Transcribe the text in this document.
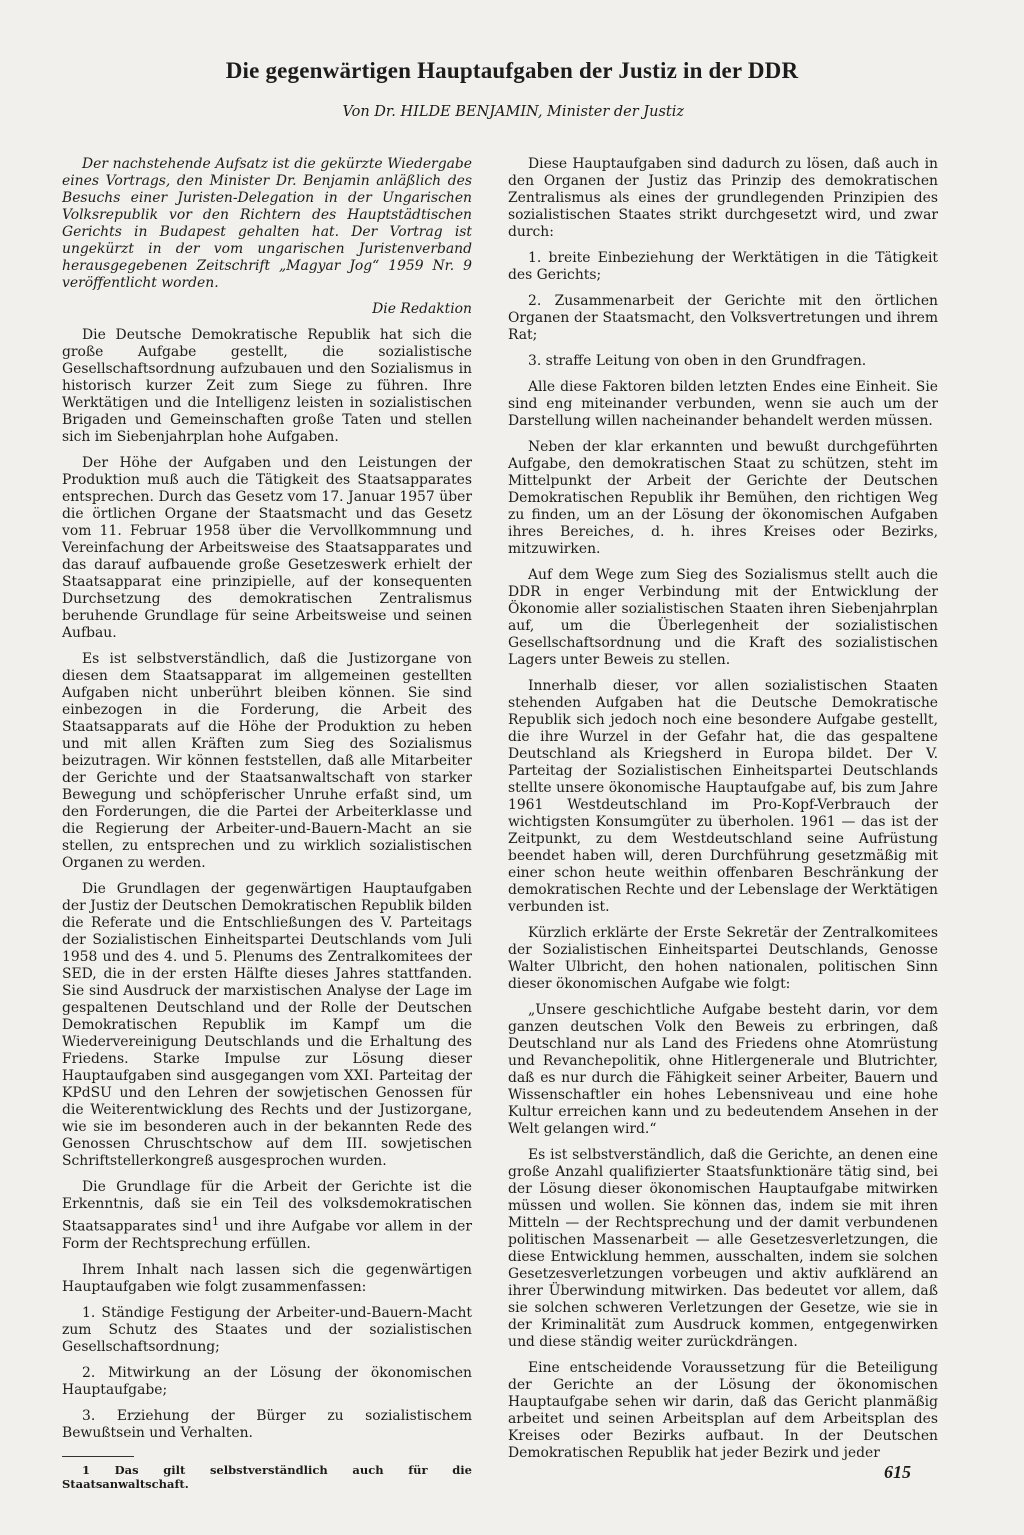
Die gegenwärtigen Hauptaufgaben der Justiz in der DDR
Von Dr. HILDE BENJAMIN, Minister der Justiz

Der nachstehende Aufsatz ist die gekürzte Wiedergabe eines Vortrags, den Minister Dr. Benjamin anläßlich des Besuchs einer Juristen-Delegation in der Ungarischen Volksrepublik vor den Richtern des Hauptstädtischen Gerichts in Budapest gehalten hat. Der Vortrag ist ungekürzt in der vom ungarischen Juristenverband herausgegebenen Zeitschrift „Magyar Jog“ 1959 Nr. 9 veröffentlicht worden.

Die Redaktion

Die Deutsche Demokratische Republik hat sich die große Aufgabe gestellt, die sozialistische Gesellschaftsordnung aufzubauen und den Sozialismus in historisch kurzer Zeit zum Siege zu führen. Ihre Werktätigen und die Intelligenz leisten in sozialistischen Brigaden und Gemeinschaften große Taten und stellen sich im Siebenjahrplan hohe Aufgaben.

Der Höhe der Aufgaben und den Leistungen der Produktion muß auch die Tätigkeit des Staatsapparates entsprechen. Durch das Gesetz vom 17. Januar 1957 über die örtlichen Organe der Staatsmacht und das Gesetz vom 11. Februar 1958 über die Vervollkommnung und Vereinfachung der Arbeitsweise des Staatsapparates und das darauf aufbauende große Gesetzeswerk erhielt der Staatsapparat eine prinzipielle, auf der konsequenten Durchsetzung des demokratischen Zentralismus beruhende Grundlage für seine Arbeitsweise und seinen Aufbau.

Es ist selbstverständlich, daß die Justizorgane von diesen dem Staatsapparat im allgemeinen gestellten Aufgaben nicht unberührt bleiben können. Sie sind einbezogen in die Forderung, die Arbeit des Staatsapparats auf die Höhe der Produktion zu heben und mit allen Kräften zum Sieg des Sozialismus beizutragen. Wir können feststellen, daß alle Mitarbeiter der Gerichte und der Staatsanwaltschaft von starker Bewegung und schöpferischer Unruhe erfaßt sind, um den Forderungen, die die Partei der Arbeiterklasse und die Regierung der Arbeiter-und-Bauern-Macht an sie stellen, zu entsprechen und zu wirklich sozialistischen Organen zu werden.

Die Grundlagen der gegenwärtigen Hauptaufgaben der Justiz der Deutschen Demokratischen Republik bilden die Referate und die Entschließungen des V. Parteitags der Sozialistischen Einheitspartei Deutschlands vom Juli 1958 und des 4. und 5. Plenums des Zentralkomitees der SED, die in der ersten Hälfte dieses Jahres stattfanden. Sie sind Ausdruck der marxistischen Analyse der Lage im gespaltenen Deutschland und der Rolle der Deutschen Demokratischen Republik im Kampf um die Wiedervereinigung Deutschlands und die Erhaltung des Friedens. Starke Impulse zur Lösung dieser Hauptaufgaben sind ausgegangen vom XXI. Parteitag der KPdSU und den Lehren der sowjetischen Genossen für die Weiterentwicklung des Rechts und der Justizorgane, wie sie im besonderen auch in der bekannten Rede des Genossen Chruschtschow auf dem III. sowjetischen Schriftstellerkongreß ausgesprochen wurden.

Die Grundlage für die Arbeit der Gerichte ist die Erkenntnis, daß sie ein Teil des volksdemokratischen Staatsapparates sind$^1$ und ihre Aufgabe vor allem in der Form der Rechtsprechung erfüllen.

Ihrem Inhalt nach lassen sich die gegenwärtigen Hauptaufgaben wie folgt zusammenfassen:

1. Ständige Festigung der Arbeiter-und-Bauern-Macht zum Schutz des Staates und der sozialistischen Gesellschaftsordnung;

2. Mitwirkung an der Lösung der ökonomischen Hauptaufgabe;

3. Erziehung der Bürger zu sozialistischem Bewußtsein und Verhalten.

1 Das gilt selbstverständlich auch für die Staatsanwaltschaft.

Diese Hauptaufgaben sind dadurch zu lösen, daß auch in den Organen der Justiz das Prinzip des demokratischen Zentralismus als eines der grundlegenden Prinzipien des sozialistischen Staates strikt durchgesetzt wird, und zwar durch:

1. breite Einbeziehung der Werktätigen in die Tätigkeit des Gerichts;

2. Zusammenarbeit der Gerichte mit den örtlichen Organen der Staatsmacht, den Volksvertretungen und ihrem Rat;

3. straffe Leitung von oben in den Grundfragen.

Alle diese Faktoren bilden letzten Endes eine Einheit. Sie sind eng miteinander verbunden, wenn sie auch um der Darstellung willen nacheinander behandelt werden müssen.

Neben der klar erkannten und bewußt durchgeführten Aufgabe, den demokratischen Staat zu schützen, steht im Mittelpunkt der Arbeit der Gerichte der Deutschen Demokratischen Republik ihr Bemühen, den richtigen Weg zu finden, um an der Lösung der ökonomischen Aufgaben ihres Bereiches, d. h. ihres Kreises oder Bezirks, mitzuwirken.

Auf dem Wege zum Sieg des Sozialismus stellt auch die DDR in enger Verbindung mit der Entwicklung der Ökonomie aller sozialistischen Staaten ihren Siebenjahrplan auf, um die Überlegenheit der sozialistischen Gesellschaftsordnung und die Kraft des sozialistischen Lagers unter Beweis zu stellen.

Innerhalb dieser, vor allen sozialistischen Staaten stehenden Aufgaben hat die Deutsche Demokratische Republik sich jedoch noch eine besondere Aufgabe gestellt, die ihre Wurzel in der Gefahr hat, die das gespaltene Deutschland als Kriegsherd in Europa bildet. Der V. Parteitag der Sozialistischen Einheitspartei Deutschlands stellte unsere ökonomische Hauptaufgabe auf, bis zum Jahre 1961 Westdeutschland im Pro-Kopf-Verbrauch der wichtigsten Konsumgüter zu überholen. 1961 — das ist der Zeitpunkt, zu dem Westdeutschland seine Aufrüstung beendet haben will, deren Durchführung gesetzmäßig mit einer schon heute weithin offenbaren Beschränkung der demokratischen Rechte und der Lebenslage der Werktätigen verbunden ist.

Kürzlich erklärte der Erste Sekretär der Zentralkomitees der Sozialistischen Einheitspartei Deutschlands, Genosse Walter Ulbricht, den hohen nationalen, politischen Sinn dieser ökonomischen Aufgabe wie folgt:

„Unsere geschichtliche Aufgabe besteht darin, vor dem ganzen deutschen Volk den Beweis zu erbringen, daß Deutschland nur als Land des Friedens ohne Atomrüstung und Revanchepolitik, ohne Hitlergenerale und Blutrichter, daß es nur durch die Fähigkeit seiner Arbeiter, Bauern und Wissenschaftler ein hohes Lebensniveau und eine hohe Kultur erreichen kann und zu bedeutendem Ansehen in der Welt gelangen wird.“

Es ist selbstverständlich, daß die Gerichte, an denen eine große Anzahl qualifizierter Staatsfunktionäre tätig sind, bei der Lösung dieser ökonomischen Hauptaufgabe mitwirken müssen und wollen. Sie können das, indem sie mit ihren Mitteln — der Rechtsprechung und der damit verbundenen politischen Massenarbeit — alle Gesetzesverletzungen, die diese Entwicklung hemmen, ausschalten, indem sie solchen Gesetzesverletzungen vorbeugen und aktiv aufklärend an ihrer Überwindung mitwirken. Das bedeutet vor allem, daß sie solchen schweren Verletzungen der Gesetze, wie sie in der Kriminalität zum Ausdruck kommen, entgegenwirken und diese ständig weiter zurückdrängen.

Eine entscheidende Voraussetzung für die Beteiligung der Gerichte an der Lösung der ökonomischen Hauptaufgabe sehen wir darin, daß das Gericht planmäßig arbeitet und seinen Arbeitsplan auf dem Arbeitsplan des Kreises oder Bezirks aufbaut. In der Deutschen Demokratischen Republik hat jeder Bezirk und jeder

615
